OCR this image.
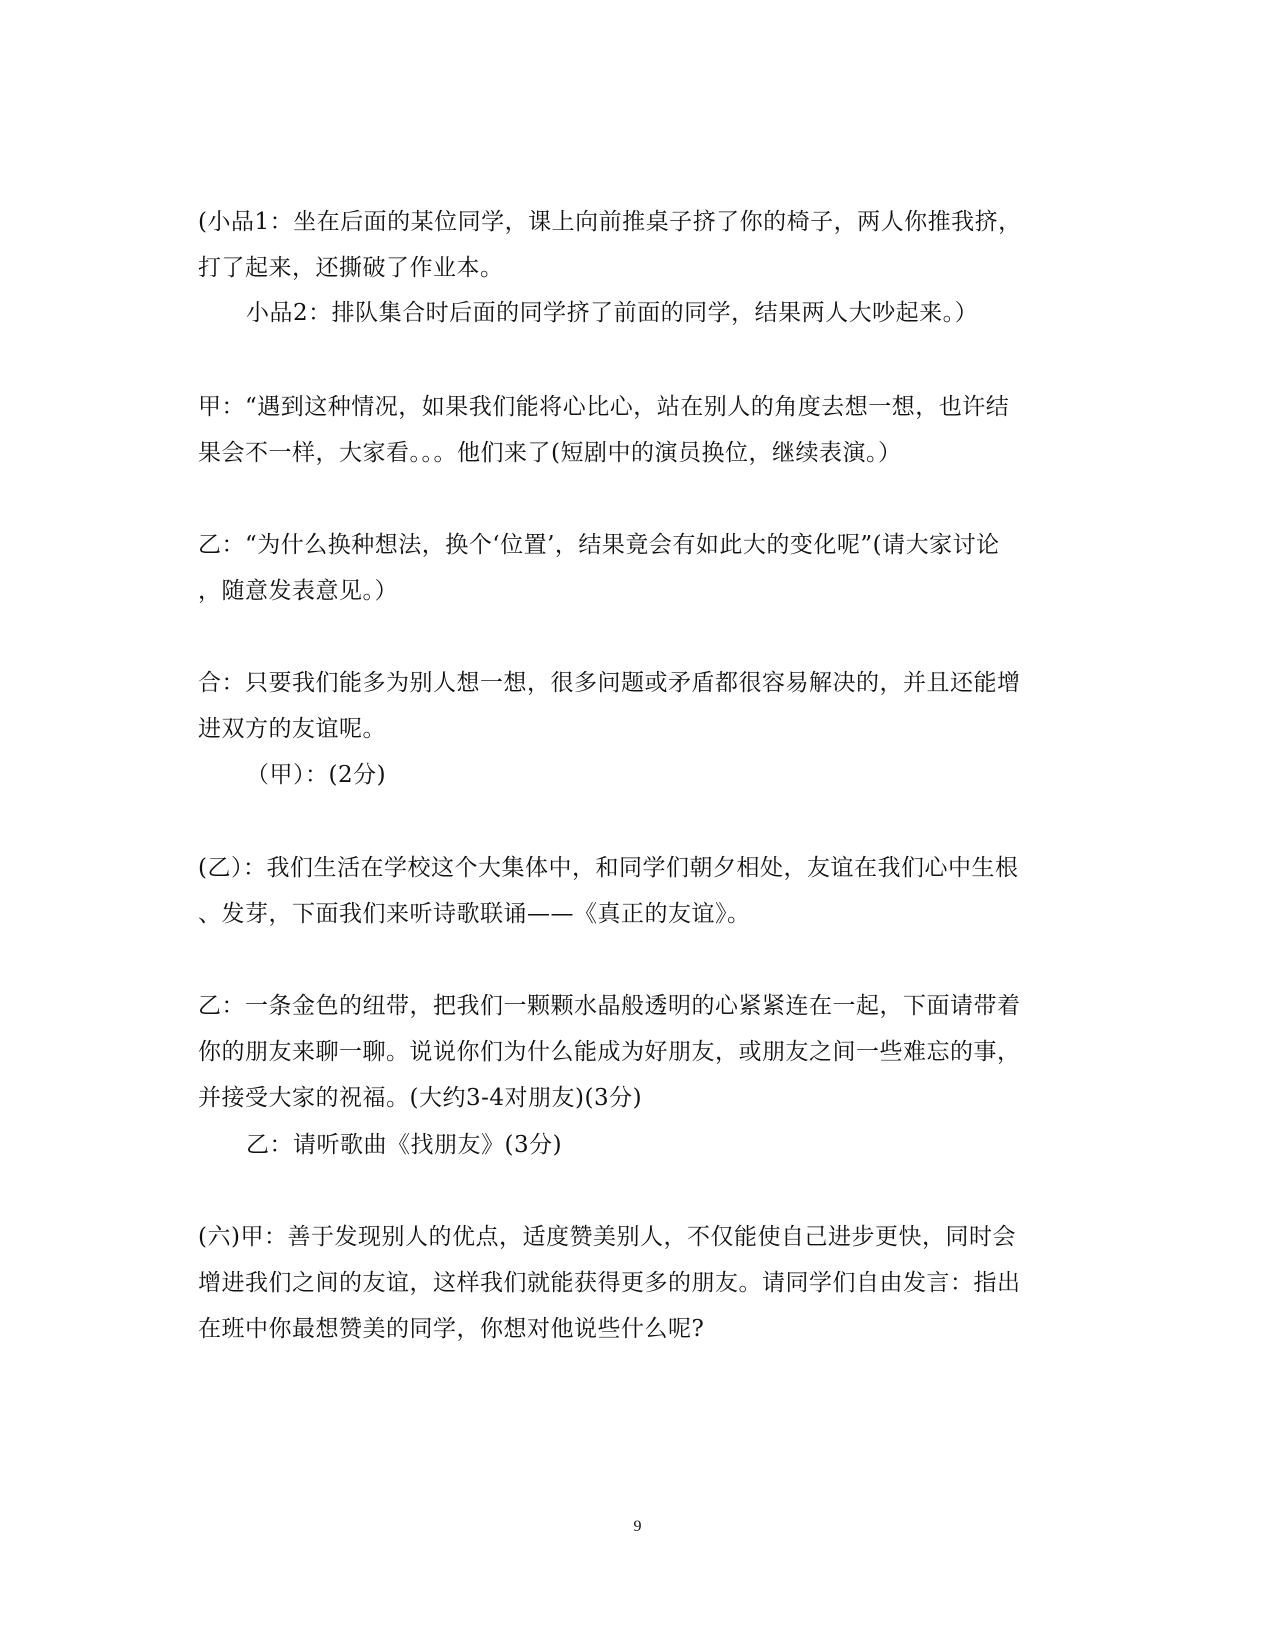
(小品1：坐在后面的某位同学，课上向前推桌子挤了你的椅子，两人你推我挤，
打了起来，还撕破了作业本。
小品2：排队集合时后面的同学挤了前面的同学，结果两人大吵起来。）
甲：“遇到这种情况，如果我们能将心比心，站在别人的角度去想一想，也许结
果会不一样，大家看。。。他们来了(短剧中的演员换位，继续表演。）
乙：“为什么换种想法，换个‘位置’，结果竟会有如此大的变化呢”(请大家讨论
，随意发表意见。）
合：只要我们能多为别人想一想，很多问题或矛盾都很容易解决的，并且还能增
进双方的友谊呢。
（甲）：(2分)
(乙）：我们生活在学校这个大集体中，和同学们朝夕相处，友谊在我们心中生根
、发芽，下面我们来听诗歌联诵——《真正的友谊》。
乙：一条金色的纽带，把我们一颗颗水晶般透明的心紧紧连在一起，下面请带着
你的朋友来聊一聊。说说你们为什么能成为好朋友，或朋友之间一些难忘的事，
并接受大家的祝福。(大约3-4对朋友)(3分)
乙：请听歌曲《找朋友》(3分)
(六)甲：善于发现别人的优点，适度赞美别人，不仅能使自己进步更快，同时会
增进我们之间的友谊，这样我们就能获得更多的朋友。请同学们自由发言：指出
在班中你最想赞美的同学，你想对他说些什么呢?
9
